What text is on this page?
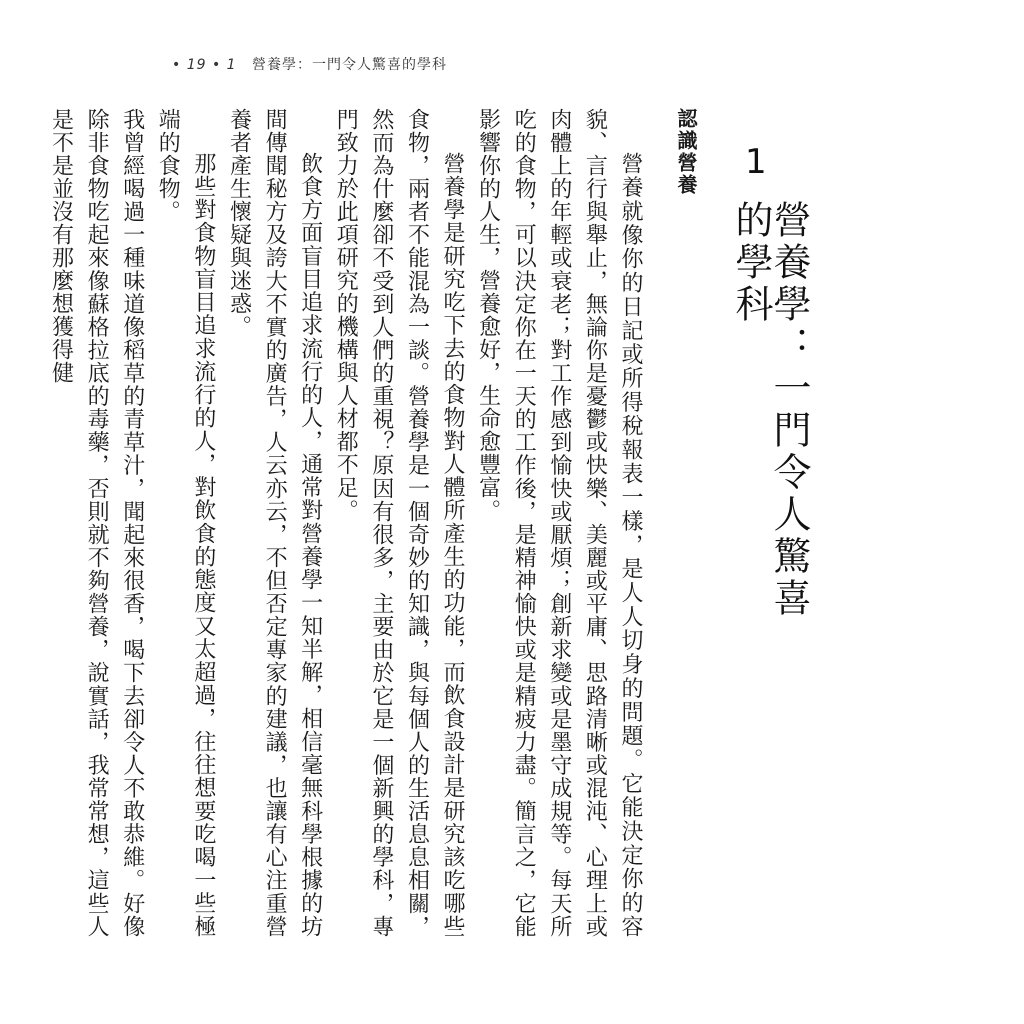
• 19 • 1 營養學：一門令人驚喜的學科
1
營養學：一門令人驚喜的學科
認識營養

營養就像你的日記或所得稅報表一樣，是人人切身的問題。它能決定你的容貌、言行與舉止，無論你是憂鬱或快樂、美麗或平庸、思路清晰或混沌、心理上或肉體上的年輕或衰老；對工作感到愉快或厭煩；創新求變或是墨守成規等。每天所吃的食物，可以決定你在一天的工作後，是精神愉快或是精疲力盡。簡言之，它能影響你的人生，營養愈好，生命愈豐富。

營養學是研究吃下去的食物對人體所產生的功能，而飲食設計是研究該吃哪些食物，兩者不能混為一談。營養學是一個奇妙的知識，與每個人的生活息息相關，然而為什麼卻不受到人們的重視？原因有很多，主要由於它是一個新興的學科，專門致力於此項研究的機構與人材都不足。

飲食方面盲目追求流行的人，通常對營養學一知半解，相信毫無科學根據的坊間傳聞秘方及誇大不實的廣告，人云亦云，不但否定專家的建議，也讓有心注重營養者產生懷疑與迷惑。

那些對食物盲目追求流行的人，對飲食的態度又太超過，往往想要吃喝一些極端的食物。

我曾經喝過一種味道像稻草的青草汁，聞起來很香，喝下去卻令人不敢恭維。好像除非食物吃起來像蘇格拉底的毒藥，否則就不夠營養，說實話，我常常想，這些人是不是並沒有那麼想獲得健
